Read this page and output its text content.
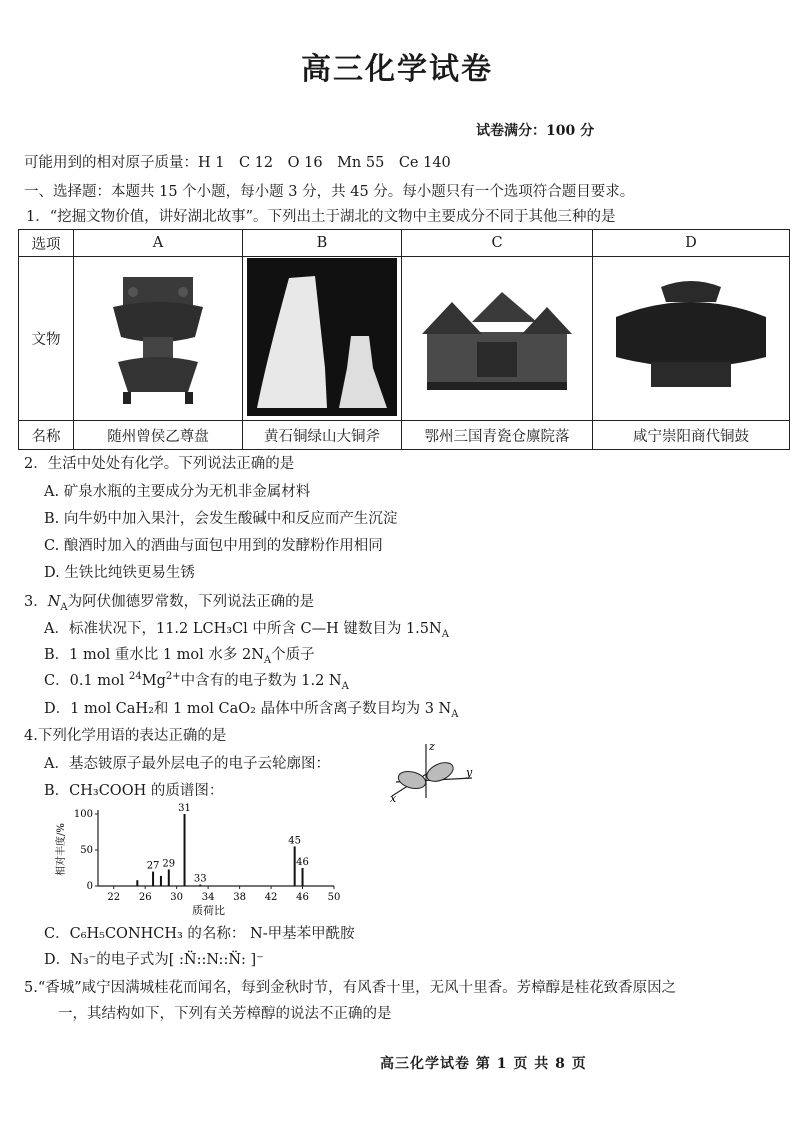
高三化学试卷
试卷满分：100 分
可能用到的相对原子质量：H 1　C 12　O 16　Mn 55　Ce 140
一、选择题：本题共 15 个小题，每小题 3 分，共 45 分。每小题只有一个选项符合题目要求。
1．“挖掘文物价值，讲好湖北故事”。下列出土于湖北的文物中主要成分不同于其他三种的是
选项	A	B	C	D
文物				
名称	随州曾侯乙尊盘	黄石铜绿山大铜斧	鄂州三国青瓷仓廪院落	咸宁崇阳商代铜鼓
2．生活中处处有化学。下列说法正确的是
A. 矿泉水瓶的主要成分为无机非金属材料
B. 向牛奶中加入果汁，会发生酸碱中和反应而产生沉淀
C. 酿酒时加入的酒曲与面包中用到的发酵粉作用相同
D. 生铁比纯铁更易生锈
3．$N_A$为阿伏伽德罗常数，下列说法正确的是
A．标准状况下，11.2 LCH₃Cl 中所含 C—H 键数目为 $1.5N_A$
B．1 mol 重水比 1 mol 水多 $2N_A$个质子
C．0.1 mol $^{24}Mg^{2+}$中含有的电子数为 1.2 $N_A$
D．1 mol CaH₂和 1 mol CaO₂ 晶体中所含离子数目均为 3 $N_A$
4.下列化学用语的表达正确的是
A．基态铍原子最外层电子的电子云轮廓图：
z
y
x
B．CH₃COOH 的质谱图：
22 26 30 34 38 42 46 50
0
50
100
27 29
31
33
45
46
质荷比
相对丰度/%
C．C₆H₅CONHCH₃ 的名称： N-甲基苯甲酰胺
D．N₃⁻的电子式为[ :N̈::N::N̈: ]⁻
5.“香城”咸宁因满城桂花而闻名，每到金秋时节，有风香十里，无风十里香。芳樟醇是桂花致香原因之
一，其结构如下，下列有关芳樟醇的说法不正确的是
高三化学试卷 第 1 页 共 8 页
